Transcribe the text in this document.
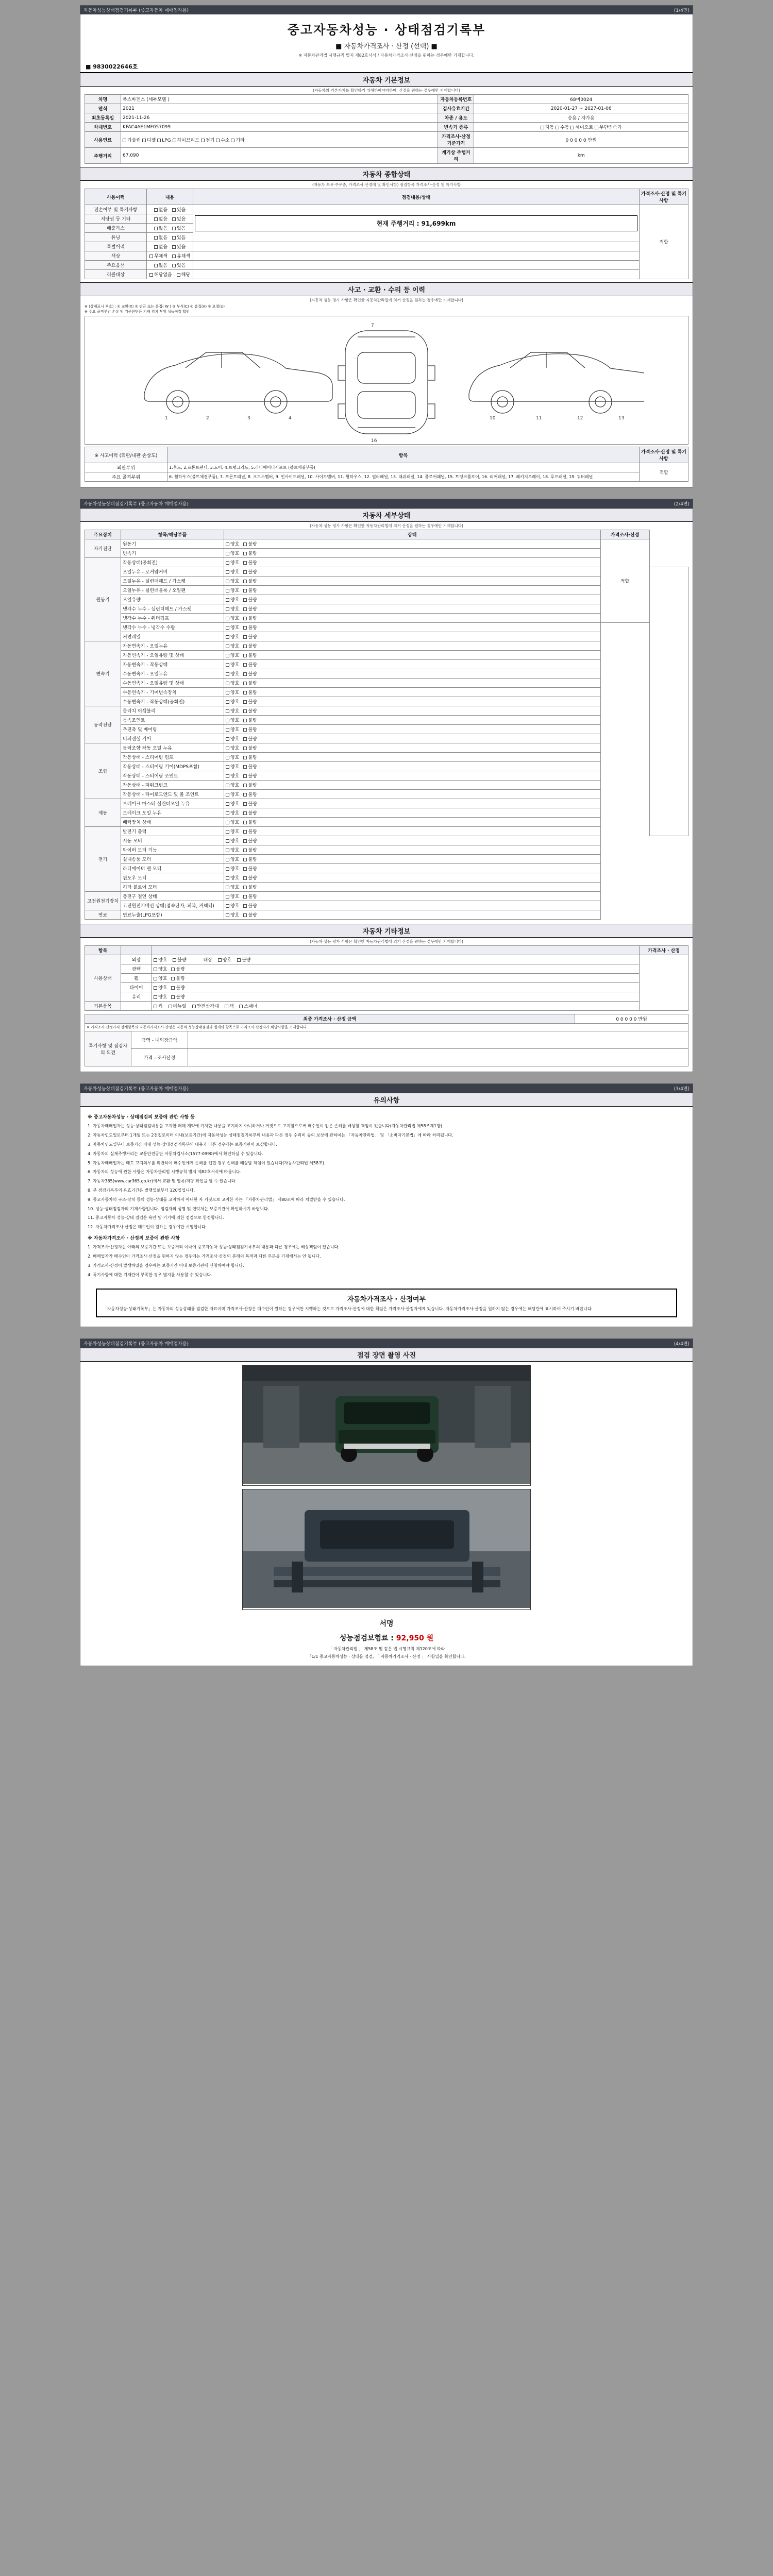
자동차성능상태점검기록부 (중고자동차 매매업자용)	(1/4면)
중고자동차성능 · 상태점검기록부
■ 자동차가격조사 · 산정 (선택) ■
※ 자동차관리법 시행규칙 별지 제82호서식 / 자동차가격조사·산정을 원하는 경우에만 기재합니다.
■ 9830022646호
자동차 기본정보
(자동차의 기본가치를 확인하기 위해하여야지하며, 산정을 원하는 경우에만 기재합니다)
차명	폭스바겐스 (세부모델 )	자동차등록번호	68머0024
연식	2021	검사유효기간	2020-01-27 ~ 2027-01-06
최초등록일	2021-11-26	차종 / 용도	승용 / 자가용
차대번호	KFAC4AE1MF057099	변속기 종류	자동 수동 세미오토 무단변속기
사용연료	가솔린 디젤 LPG 하이브리드 전기 수소 기타	가격조사·산정 기준가격	0 0 0 0 0 만원
주행거리	67,090	계기상 주행거리	km
자동차 종합상태
(자동차 보유·주유중, 가격조사·산정에 및 확인사항) 점검항목 가격조사·산정 및 특기사항
사용이력	내용	점검내용/상태	가격조사·산정 및 특기사항
전손여부 및 특기사항	없음 있음	현재 주행거리 : 91,699km	적합
저당권 등 기타	없음 있음		
배출가스	없음 있음		
튜닝	없음 있음		
특별이력	없음 있음		
색상	무채색 유채색		
주요옵션	없음 있음		
리콜대상	해당없음 해당		
사고 · 교환 · 수리 등 이력
(자동차 성능 평가 사항은 확인한 자동차관리법에 의거 산정을 원하는 경우에만 기재합니다)
※ (상태표시 부호) : ① 교환(X) ② 판금 또는 용접( W ) ③ 부식(C) ④ 흠집(A) ⑤ 요철(U)
※ 주요 골격부위 손상 및 기준판단은 기재 위치 부위 성능점검 확인
1	2	3	4
7
16
10	11	12	13
※ 사고이력 (외판/내판 손상도)	항목	가격조사·산정 및 특기사항
외판부위	1.후드, 2.프론트펜더, 3.도어, 4.트렁크리드, 5.라디에이터서포트 (볼트체결부품)	적합
주요 골격부위	6. 휠하우스(볼트체결부품), 7. 프론트패널, 8. 크로스멤버, 9. 인사이드패널, 10. 사이드멤버, 11. 휠하우스, 12. 필러패널, 13. 대쉬패널, 14. 플로어패널, 15. 트렁크플로어, 16. 리어패널, 17. 패키지트레이, 18. 루프패널, 19. 쿼터패널	
자동차성능상태점검기록부 (중고자동차 매매업자용)	(2/4면)
자동차 세부상태
(자동차 성능 평가 사항은 확인한 자동차관리법에 의거 산정을 원하는 경우에만 기재합니다)
주요장치	항목/해당부품	상태	가격조사·산정	
자기진단	원동기	양호 불량	적합	
	변속기	양호 불량		
원동기	작동상태(공회전)	양호 불량		
	오일누유 - 로커암커버	양호 불량		
	오일누유 - 실린더헤드 / 가스켓	양호 불량		
	오일누유 - 실린더블록 / 오일팬	양호 불량		
	오일유량	양호 불량		
	냉각수 누수 - 실린더헤드 / 가스켓	양호 불량		
	냉각수 누수 - 워터펌프	양호 불량		
	냉각수 누수 - 냉각수 수량	양호 불량		
	커먼레일	양호 불량		
변속기	자동변속기 - 오일누유	양호 불량		
	자동변속기 - 오일유량 및 상태	양호 불량		
	자동변속기 - 작동상태	양호 불량		
	수동변속기 - 오일누유	양호 불량		
	수동변속기 - 오일유량 및 상태	양호 불량		
	수동변속기 - 기어변속장치	양호 불량		
	수동변속기 - 작동상태(공회전)	양호 불량		
동력전달	클러치 어셈블리	양호 불량		
	등속조인트	양호 불량		
	추진축 및 베어링	양호 불량		
	디퍼렌셜 기어	양호 불량		
조향	동력조향 작동 오일 누유	양호 불량		
	작동상태 - 스티어링 펌프	양호 불량		
	작동상태 - 스티어링 기어(MDPS포함)	양호 불량		
	작동상태 - 스티어링 조인트	양호 불량		
	작동상태 - 파워크링크	양호 불량		
	작동상태 - 타이로드엔드 및 볼 조인트	양호 불량		
제동	브레이크 마스터 실린더오일 누유	양호 불량		
	브레이크 오일 누유	양호 불량		
	배력장치 상태	양호 불량		
전기	발전기 출력	양호 불량		
	시동 모터	양호 불량		
	와이퍼 모터 기능	양호 불량		
	실내송풍 모터	양호 불량		
	라디에이터 팬 모터	양호 불량		
	윈도우 모터	양호 불량		
	히터 블로어 모터	양호 불량		
고전원전기장치	충전구 절연 상태	양호 불량		
	고전원전기배선 상태(접속단자, 피복, 커넥터)	양호 불량		
연료	연료누출(LPG포함)	양호 불량		
자동차 기타정보
(자동차 성능 평가 사항은 확인한 자동차관리법에 의거 산정을 원하는 경우에만 기재합니다)
항목			가격조사 · 산정
사용상태	외장	양호 불량 내장 양호 불량	
	광택	양호 불량	
	휠	양호 불량	
	타이어	양호 불량	
	유리	양호 불량	
기본품목		키 메뉴얼 안전삼각대 잭 스패너	
최종 가격조사 · 산정 금액			0 0 0 0 0 만원
※ 가격조사·산정가격 상세항목의 자동차가격조사·산정은 자동차 성능상태점검과 별개의 항목으로 가격조사·산정자가 해당사항을 기재합니다			
특기사항 및 점검자의 의견	금액 - 내외장금액		
	가격 - 조사산정		
자동차성능상태점검기록부 (중고자동차 매매업자용)	(3/4면)
유의사항
※ 중고자동차성능 · 상태점검의 보증에 관한 사항 등

1. 자동차매매업자는 성능·상태점검내용을 고지한 매매 계약에 기재한 내용을 고지하지 아니하거나 거짓으로 고지할으로써 매수인이 입은 손해를 배상할 책임이 있습니다(자동차관리법 제58조제1항).

2. 자동차인도일로부터 1개월 또는 2천킬로미터 이내(보증기간)에 자동차성능·상태점검기록부의 내용과 다른 경우 수리비 등의 보상에 관하여는 「자동차관리법」 및 「소비자기본법」에 따라 처리됩니다.

3. 자동차인도일부터 보증기간 이내 성능·상태점검기록부의 내용과 다른 경우에는 보증기관이 보상합니다.

4. 자동차의 실제주행거리는 교통안전공단 자동차검사소(1577-0990)에서 확인하실 수 있습니다.

5. 자동차매매업자는 매도 고지의무를 위반하여 매수인에게 손해를 입힌 경우 손해를 배상할 책임이 있습니다(자동차관리법 제58조).

6. 자동차의 성능에 관한 사항은 자동차관리법 시행규칙 별지 제82호서식에 따릅니다.

7. 자동차365(www.car365.go.kr)에서 교환 및 압류/저당 확인을 할 수 있습니다.

8. 본 점검기록부의 유효기간은 발행일로부터 120일입니다.

9. 중고자동차의 구조·장치 등의 성능·상태를 고지하지 아니한 자 거짓으로 고지한 자는 「자동차관리법」 제80조에 따라 처벌받을 수 있습니다.

10. 성능·상태점검자의 기재사항입니다. 점검자의 성명 및 연락처는 보증기관에 확인하시기 바랍니다.

11. 중고자동차 성능·상태 점검은 육안 및 기기에 의한 점검으로 한정합니다.

12. 자동차가격조사·산정은 매수인이 원하는 경우에만 시행합니다.

※ 자동차가격조사 · 산정의 보증에 관한 사항

1. 가격조사·산정자는 아래의 보증기간 또는 보증거리 이내에 중고자동차 성능·상태점검기록부의 내용과 다른 경우에는 배상책임이 있습니다.

2. 매매업자가 매수인이 가격조사·산정을 원하지 않는 경우에는 가격조사·산정의 본래의 목적과 다른 부분을 기재해서는 안 됩니다.

3. 가격조사·산정이 발생하였을 경우에는 보증기간 이내 보증기관에 신청하여야 합니다.

4. 특기사항에 대한 기재란이 부족한 경우 별지를 사용할 수 있습니다.

자동차가격조사 · 산정여부
「자동차성능·상태기록부」는 자동차의 성능상태를 점검한 자료이며 가격조사·산정은 매수인이 원하는 경우에만 시행하는 것으로 가격조사·산정에 대한 책임은 가격조사·산정자에게 있습니다. 자동차가격조사·산정을 원하지 않는 경우에는 해당란에 표시하여 주시기 바랍니다.
자동차성능상태점검기록부 (중고자동차 매매업자용)	(4/4면)
점검 장면 촬영 사진
서명
성능점검보험료 : 92,950 원
「 자동차관리법 」 제58조 및 같은 법 시행규칙 제120조에 따라
「1/1 중고자동차성능 · 상태를 점검, 「 자동차가격조사 · 산정 」 사항입을 확인합니다.
